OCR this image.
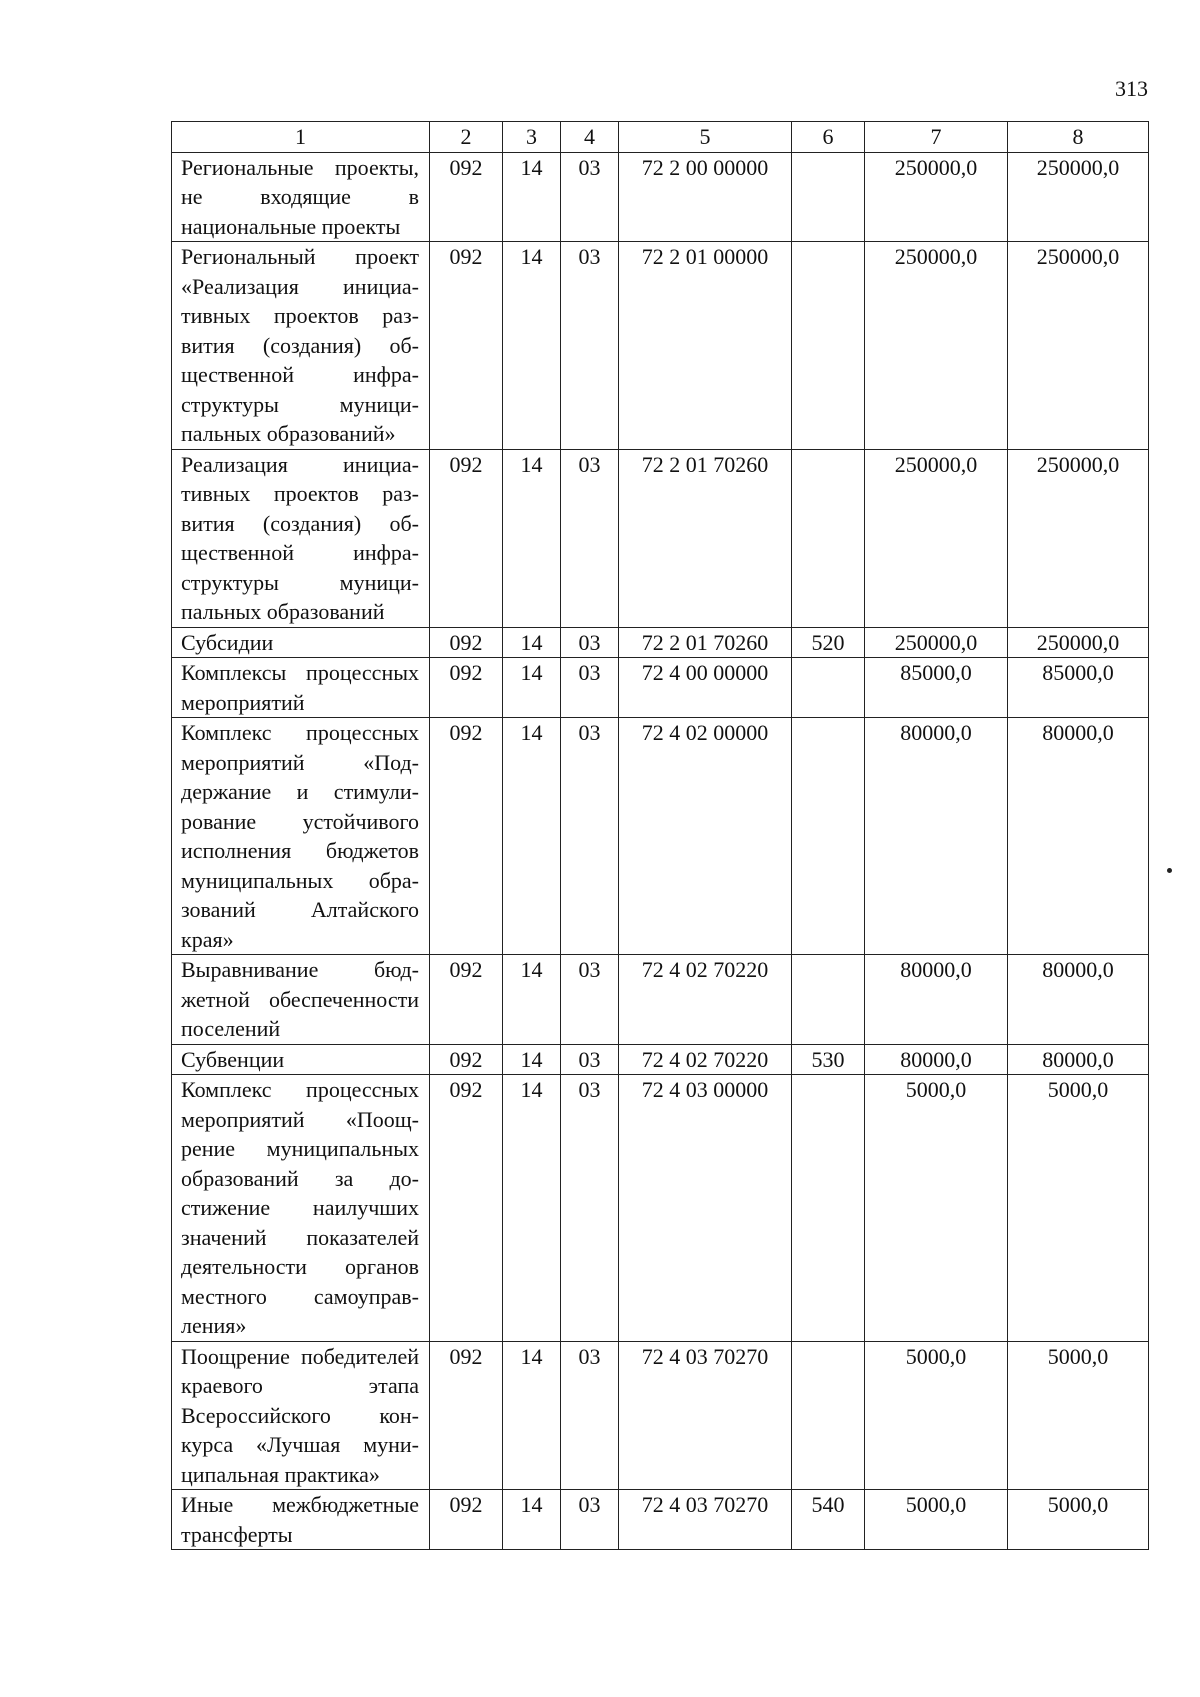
313
1	2	3	4	5	6	7	8
Региональные проекты, не входящие в национальные проекты	092	14	03	72 2 00 00000		250000,0	250000,0
Региональный проект «Реализация инициативных проектов развития (создания) общественной инфраструктуры муниципальных образований»	092	14	03	72 2 01 00000		250000,0	250000,0
Реализация инициативных проектов развития (создания) общественной инфраструктуры муниципальных образований	092	14	03	72 2 01 70260		250000,0	250000,0
Субсидии	092	14	03	72 2 01 70260	520	250000,0	250000,0
Комплексы процессных мероприятий	092	14	03	72 4 00 00000		85000,0	85000,0
Комплекс процессных мероприятий «Поддержание и стимулирование устойчивого исполнения бюджетов муниципальных образований Алтайского края»	092	14	03	72 4 02 00000		80000,0	80000,0
Выравнивание бюджетной обеспеченности поселений	092	14	03	72 4 02 70220		80000,0	80000,0
Субвенции	092	14	03	72 4 02 70220	530	80000,0	80000,0
Комплекс процессных мероприятий «Поощрение муниципальных образований за достижение наилучших значений показателей деятельности органов местного самоуправления»	092	14	03	72 4 03 00000		5000,0	5000,0
Поощрение победителей краевого этапа Всероссийского конкурса «Лучшая муниципальная практика»	092	14	03	72 4 03 70270		5000,0	5000,0
Иные межбюджетные трансферты	092	14	03	72 4 03 70270	540	5000,0	5000,0
